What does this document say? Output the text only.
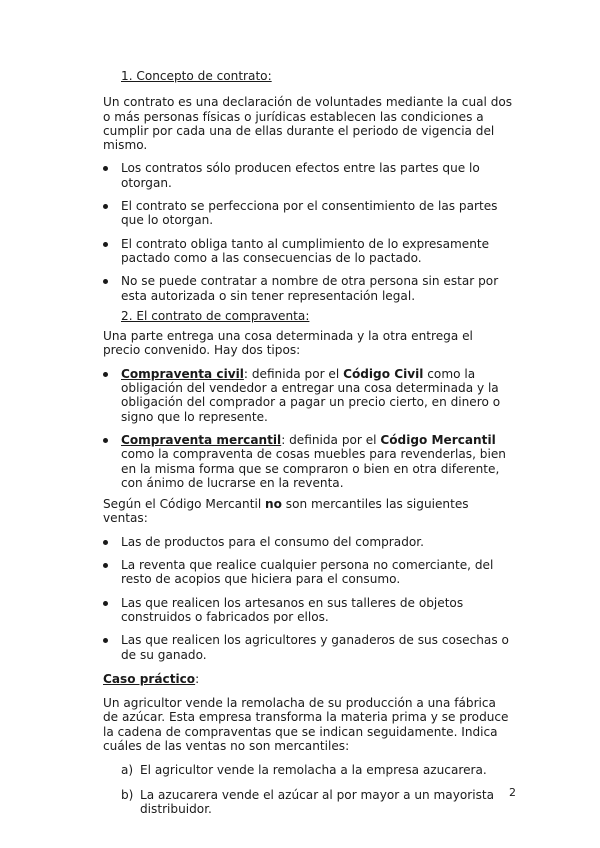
1. Concepto de contrato:

Un contrato es una declaración de voluntades mediante la cual dos o más personas físicas o jurídicas establecen las condiciones a cumplir por cada una de ellas durante el periodo de vigencia del mismo.

Los contratos sólo producen efectos entre las partes que lo otorgan.
El contrato se perfecciona por el consentimiento de las partes que lo otorgan.
El contrato obliga tanto al cumplimiento de lo expresamente pactado como a las consecuencias de lo pactado.
No se puede contratar a nombre de otra persona sin estar por esta autorizada o sin tener representación legal.

2. El contrato de compraventa:

Una parte entrega una cosa determinada y la otra entrega el precio convenido. Hay dos tipos:

Compraventa civil: definida por el Código Civil como la obligación del vendedor a entregar una cosa determinada y la obligación del comprador a pagar un precio cierto, en dinero o signo que lo represente.
Compraventa mercantil: definida por el Código Mercantil como la compraventa de cosas muebles para revenderlas, bien en la misma forma que se compraron o bien en otra diferente, con ánimo de lucrarse en la reventa.

Según el Código Mercantil no son mercantiles las siguientes ventas:

Las de productos para el consumo del comprador.
La reventa que realice cualquier persona no comerciante, del resto de acopios que hiciera para el consumo.
Las que realicen los artesanos en sus talleres de objetos construidos o fabricados por ellos.
Las que realicen los agricultores y ganaderos de sus cosechas o de su ganado.

Caso práctico:

Un agricultor vende la remolacha de su producción a una fábrica de azúcar. Esta empresa transforma la materia prima y se produce la cadena de compraventas que se indican seguidamente. Indica cuáles de las ventas no son mercantiles:

a) El agricultor vende la remolacha a la empresa azucarera.
b) La azucarera vende el azúcar al por mayor a un mayorista distribuidor.
2
